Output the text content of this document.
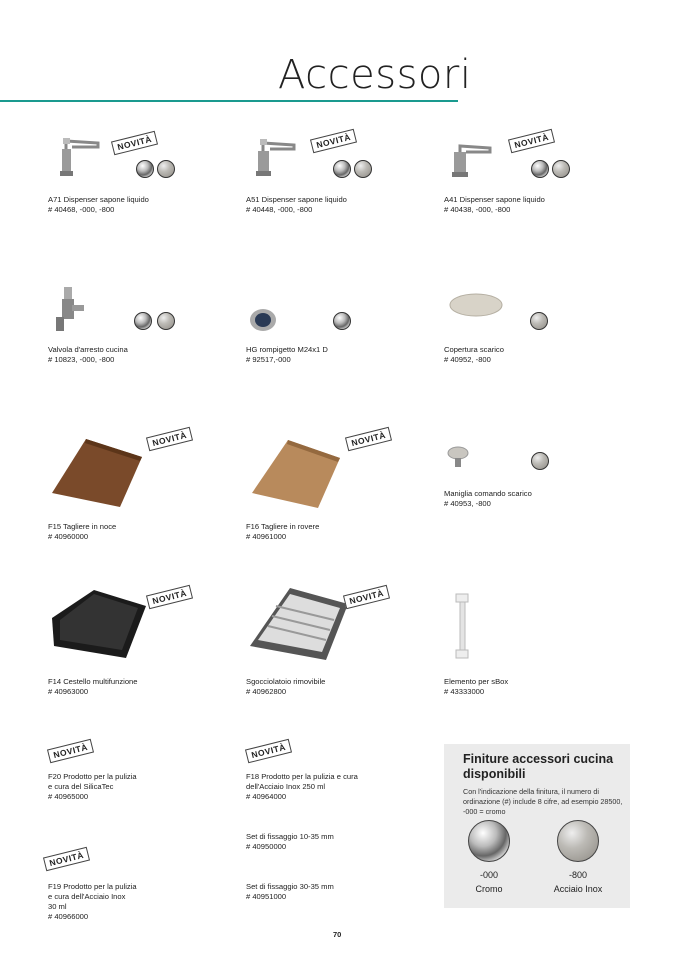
Accessori
NOVITÀ
A71 Dispenser sapone liquido
# 40468, -000, -800
NOVITÀ
A51 Dispenser sapone liquido
# 40448, -000, -800
NOVITÀ
A41 Dispenser sapone liquido
# 40438, -000, -800
Valvola d'arresto cucina
# 10823, -000, -800
HG rompigetto M24x1 D
# 92517,-000
Copertura scarico
# 40952, -800
NOVITÀ
F15 Tagliere in noce
# 40960000
NOVITÀ
F16 Tagliere in rovere
# 40961000
Maniglia comando scarico
# 40953, -800
NOVITÀ
F14 Cestello multifunzione
# 40963000
NOVITÀ
Sgocciolatoio rimovibile
# 40962800
Elemento per sBox
# 43333000
NOVITÀ
F20 Prodotto per la pulizia
e cura del SilicaTec
# 40965000
NOVITÀ
F18 Prodotto per la pulizia e cura
dell'Acciaio Inox 250 ml
# 40964000
Set di fissaggio 10-35 mm
# 40950000
NOVITÀ
F19 Prodotto per la pulizia
e cura dell'Acciaio Inox
30 ml
# 40966000
Set di fissaggio 30-35 mm
# 40951000
Finiture accessori cucina disponibili
Con l'indicazione della finitura, il numero di ordinazione (#) include 8 cifre, ad esempio 28500, -000 = cromo
-000
Cromo
-800
Acciaio Inox
70
